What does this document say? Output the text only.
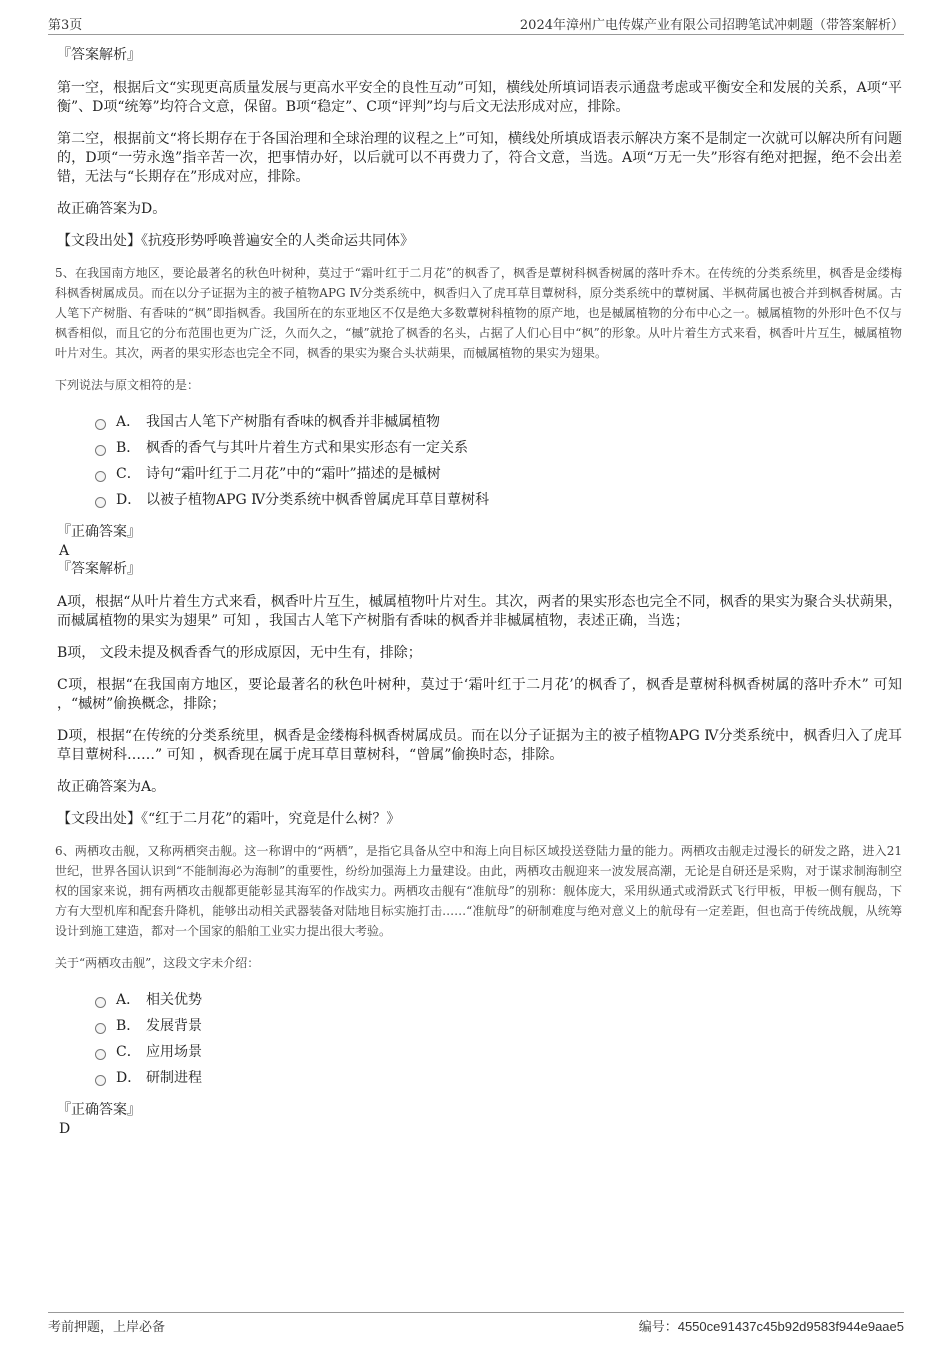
第3页	2024年漳州广电传媒产业有限公司招聘笔试冲刺题（带答案解析）

『答案解析』

第一空，根据后文“实现更高质量发展与更高水平安全的良性互动”可知，横线处所填词语表示通盘考虑或平衡安全和发展的关系，A项“平衡”、D项“统筹”均符合文意，保留。B项“稳定”、C项“评判”均与后文无法形成对应，排除。

第二空，根据前文“将长期存在于各国治理和全球治理的议程之上”可知，横线处所填成语表示解决方案不是制定一次就可以解决所有问题的，D项“一劳永逸”指辛苦一次，把事情办好，以后就可以不再费力了，符合文意，当选。A项“万无一失”形容有绝对把握，绝不会出差错，无法与“长期存在”形成对应，排除。

故正确答案为D。

【文段出处】《抗疫形势呼唤普遍安全的人类命运共同体》

5、在我国南方地区，要论最著名的秋色叶树种，莫过于“霜叶红于二月花”的枫香了，枫香是蕈树科枫香树属的落叶乔木。在传统的分类系统里，枫香是金缕梅科枫香树属成员。而在以分子证据为主的被子植物APG Ⅳ分类系统中，枫香归入了虎耳草目蕈树科，原分类系统中的蕈树属、半枫荷属也被合并到枫香树属。古人笔下产树脂、有香味的“枫”即指枫香。我国所在的东亚地区不仅是绝大多数蕈树科植物的原产地，也是槭属植物的分布中心之一。槭属植物的外形叶色不仅与枫香相似，而且它的分布范围也更为广泛，久而久之，“槭”就抢了枫香的名头，占据了人们心目中“枫”的形象。从叶片着生方式来看，枫香叶片互生，槭属植物叶片对生。其次，两者的果实形态也完全不同，枫香的果实为聚合头状蒴果，而槭属植物的果实为翅果。

下列说法与原文相符的是：

A． 我国古人笔下产树脂有香味的枫香并非槭属植物
B． 枫香的香气与其叶片着生方式和果实形态有一定关系
C． 诗句“霜叶红于二月花”中的“霜叶”描述的是槭树
D． 以被子植物APG Ⅳ分类系统中枫香曾属虎耳草目蕈树科

『正确答案』

A

『答案解析』

A项，根据“从叶片着生方式来看，枫香叶片互生，槭属植物叶片对生。其次，两者的果实形态也完全不同，枫香的果实为聚合头状蒴果，而槭属植物的果实为翅果” 可知 ，我国古人笔下产树脂有香味的枫香并非槭属植物，表述正确，当选；

B项， 文段未提及枫香香气的形成原因，无中生有，排除；

C项，根据“在我国南方地区，要论最著名的秋色叶树种，莫过于‘霜叶红于二月花’的枫香了，枫香是蕈树科枫香树属的落叶乔木” 可知 ，“槭树”偷换概念，排除；

D项，根据“在传统的分类系统里，枫香是金缕梅科枫香树属成员。而在以分子证据为主的被子植物APG Ⅳ分类系统中，枫香归入了虎耳草目蕈树科……” 可知 ，枫香现在属于虎耳草目蕈树科，“曾属”偷换时态，排除。

故正确答案为A。

【文段出处】《“红于二月花”的霜叶，究竟是什么树？》

6、两栖攻击舰，又称两栖突击舰。这一称谓中的“两栖”，是指它具备从空中和海上向目标区域投送登陆力量的能力。两栖攻击舰走过漫长的研发之路，进入21世纪，世界各国认识到“不能制海必为海制”的重要性，纷纷加强海上力量建设。由此，两栖攻击舰迎来一波发展高潮，无论是自研还是采购，对于谋求制海制空权的国家来说，拥有两栖攻击舰都更能彰显其海军的作战实力。两栖攻击舰有“准航母”的别称：舰体庞大，采用纵通式或滑跃式飞行甲板，甲板一侧有舰岛，下方有大型机库和配套升降机，能够出动相关武器装备对陆地目标实施打击……“准航母”的研制难度与绝对意义上的航母有一定差距，但也高于传统战舰，从统筹设计到施工建造，都对一个国家的船舶工业实力提出很大考验。

关于“两栖攻击舰”，这段文字未介绍：

A． 相关优势
B． 发展背景
C． 应用场景
D． 研制进程

『正确答案』

D

考前押题，上岸必备	编号：4550ce91437c45b92d9583f944e9aae5
